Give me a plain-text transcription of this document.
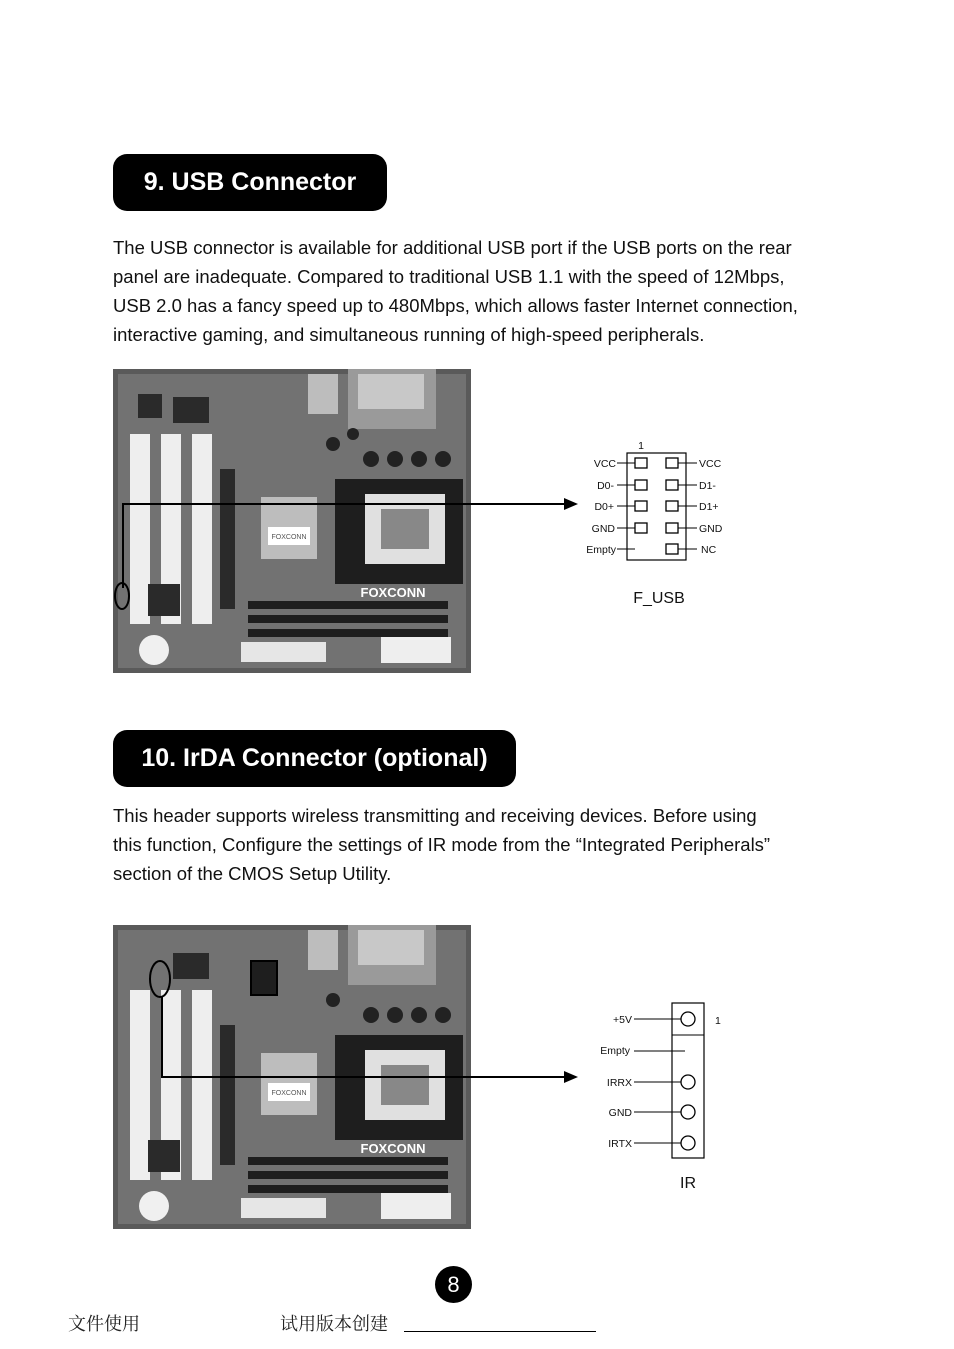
9. USB Connector

The USB connector is available for additional USB port if the USB ports on the rear

panel are inadequate. Compared to traditional USB 1.1 with the speed of 12Mbps,

USB 2.0 has a fancy speed up to 480Mbps, which allows faster Internet connection,

interactive gaming, and simultaneous running of high-speed peripherals.

FOXCONN
FOXCONN
1
VCC
D0-
D0+
GND
Empty
VCC
D1-
D1+
GND
NC
F_USB
10. IrDA Connector (optional)

This header supports wireless transmitting and receiving devices. Before using

this function, Configure the settings of IR mode from the “Integrated Peripherals”

section of the CMOS Setup Utility.

FOXCONN
FOXCONN
1
+5V
Empty
IRRX
GND
IRTX
IR
8
文件使用	试用版本创建
